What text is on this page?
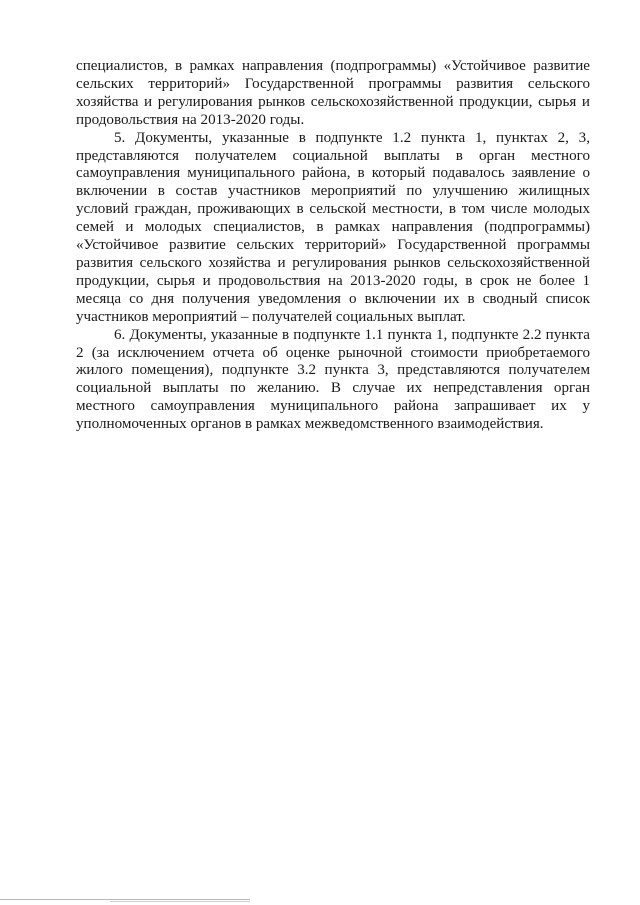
специалистов, в рамках направления (подпрограммы) «Устойчивое развитие сельских территорий» Государственной программы развития сельского хозяйства и регулирования рынков сельскохозяйственной продукции, сырья и продовольствия на 2013-2020 годы.

5. Документы, указанные в подпункте 1.2 пункта 1, пунктах 2, 3, представляются получателем социальной выплаты в орган местного самоуправления муниципального района, в который подавалось заявление о включении в состав участников мероприятий по улучшению жилищных условий граждан, проживающих в сельской местности, в том числе молодых семей и молодых специалистов, в рамках направления (подпрограммы) «Устойчивое развитие сельских территорий» Государственной программы развития сельского хозяйства и регулирования рынков сельскохозяйственной продукции, сырья и продовольствия на 2013-2020 годы, в срок не более 1 месяца со дня получения уведомления о включении их в сводный список участников мероприятий – получателей социальных выплат.

6. Документы, указанные в подпункте 1.1 пункта 1, подпункте 2.2 пункта 2 (за исключением отчета об оценке рыночной стоимости приобретаемого жилого помещения), подпункте 3.2 пункта 3, представляются получателем социальной выплаты по желанию. В случае их непредставления орган местного самоуправления муниципального района запрашивает их у уполномоченных органов в рамках межведомственного взаимодействия.
